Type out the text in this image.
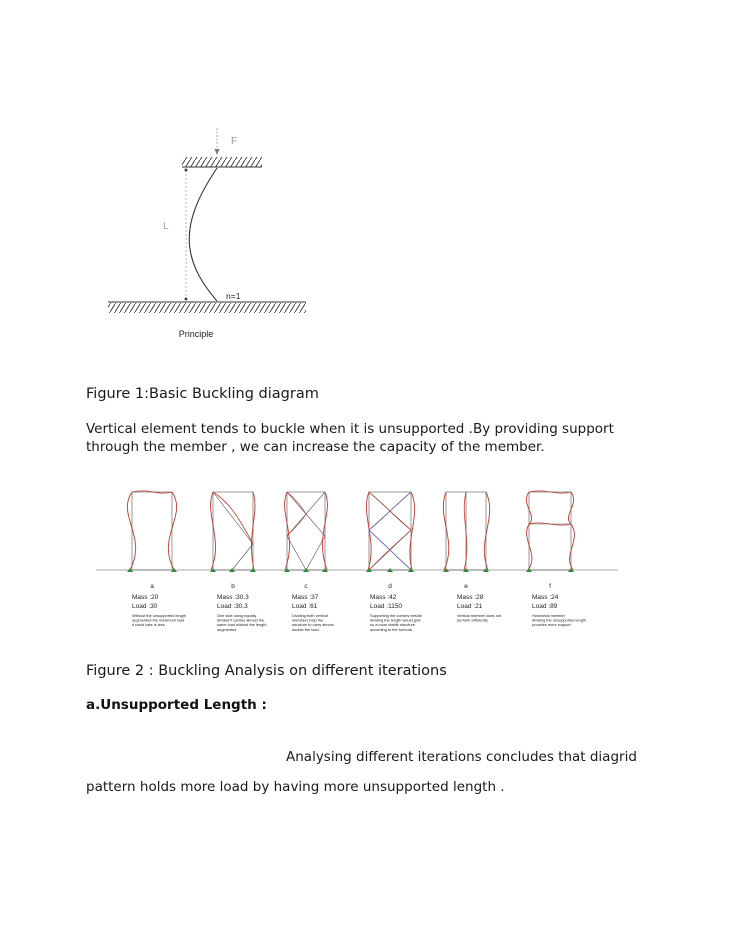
F
L
n=1
Principle
Figure 1:Basic Buckling diagram
Vertical element tends to buckle when it is unsupported .By providing support
through the member , we can increase the capacity of the member.
a
Mass :20
Load :30
Without the unsupported length
augmented the maximum load
it could take is less
b
Mass :30.3
Load :30.3
One side using equally
divided it carries almost the
same load without the length
augmented
c
Mass :37
Load :61
Dividing both vertical
members help the
structure to carry almost
double the load
d
Mass :42
Load :1150
Supporting the corners beside
dividing the length would give
us a more stable structure
according to the formula
e
Mass :28
Load :21
Vertical member does not
perform efficiently
f
Mass :24
Load :89
Horizontal member
dividing the unsupported length
provides more support
Figure 2 : Buckling Analysis on different iterations
a.Unsupported Length :
Analysing different iterations concludes that diagrid
pattern holds more load by having more unsupported length .
